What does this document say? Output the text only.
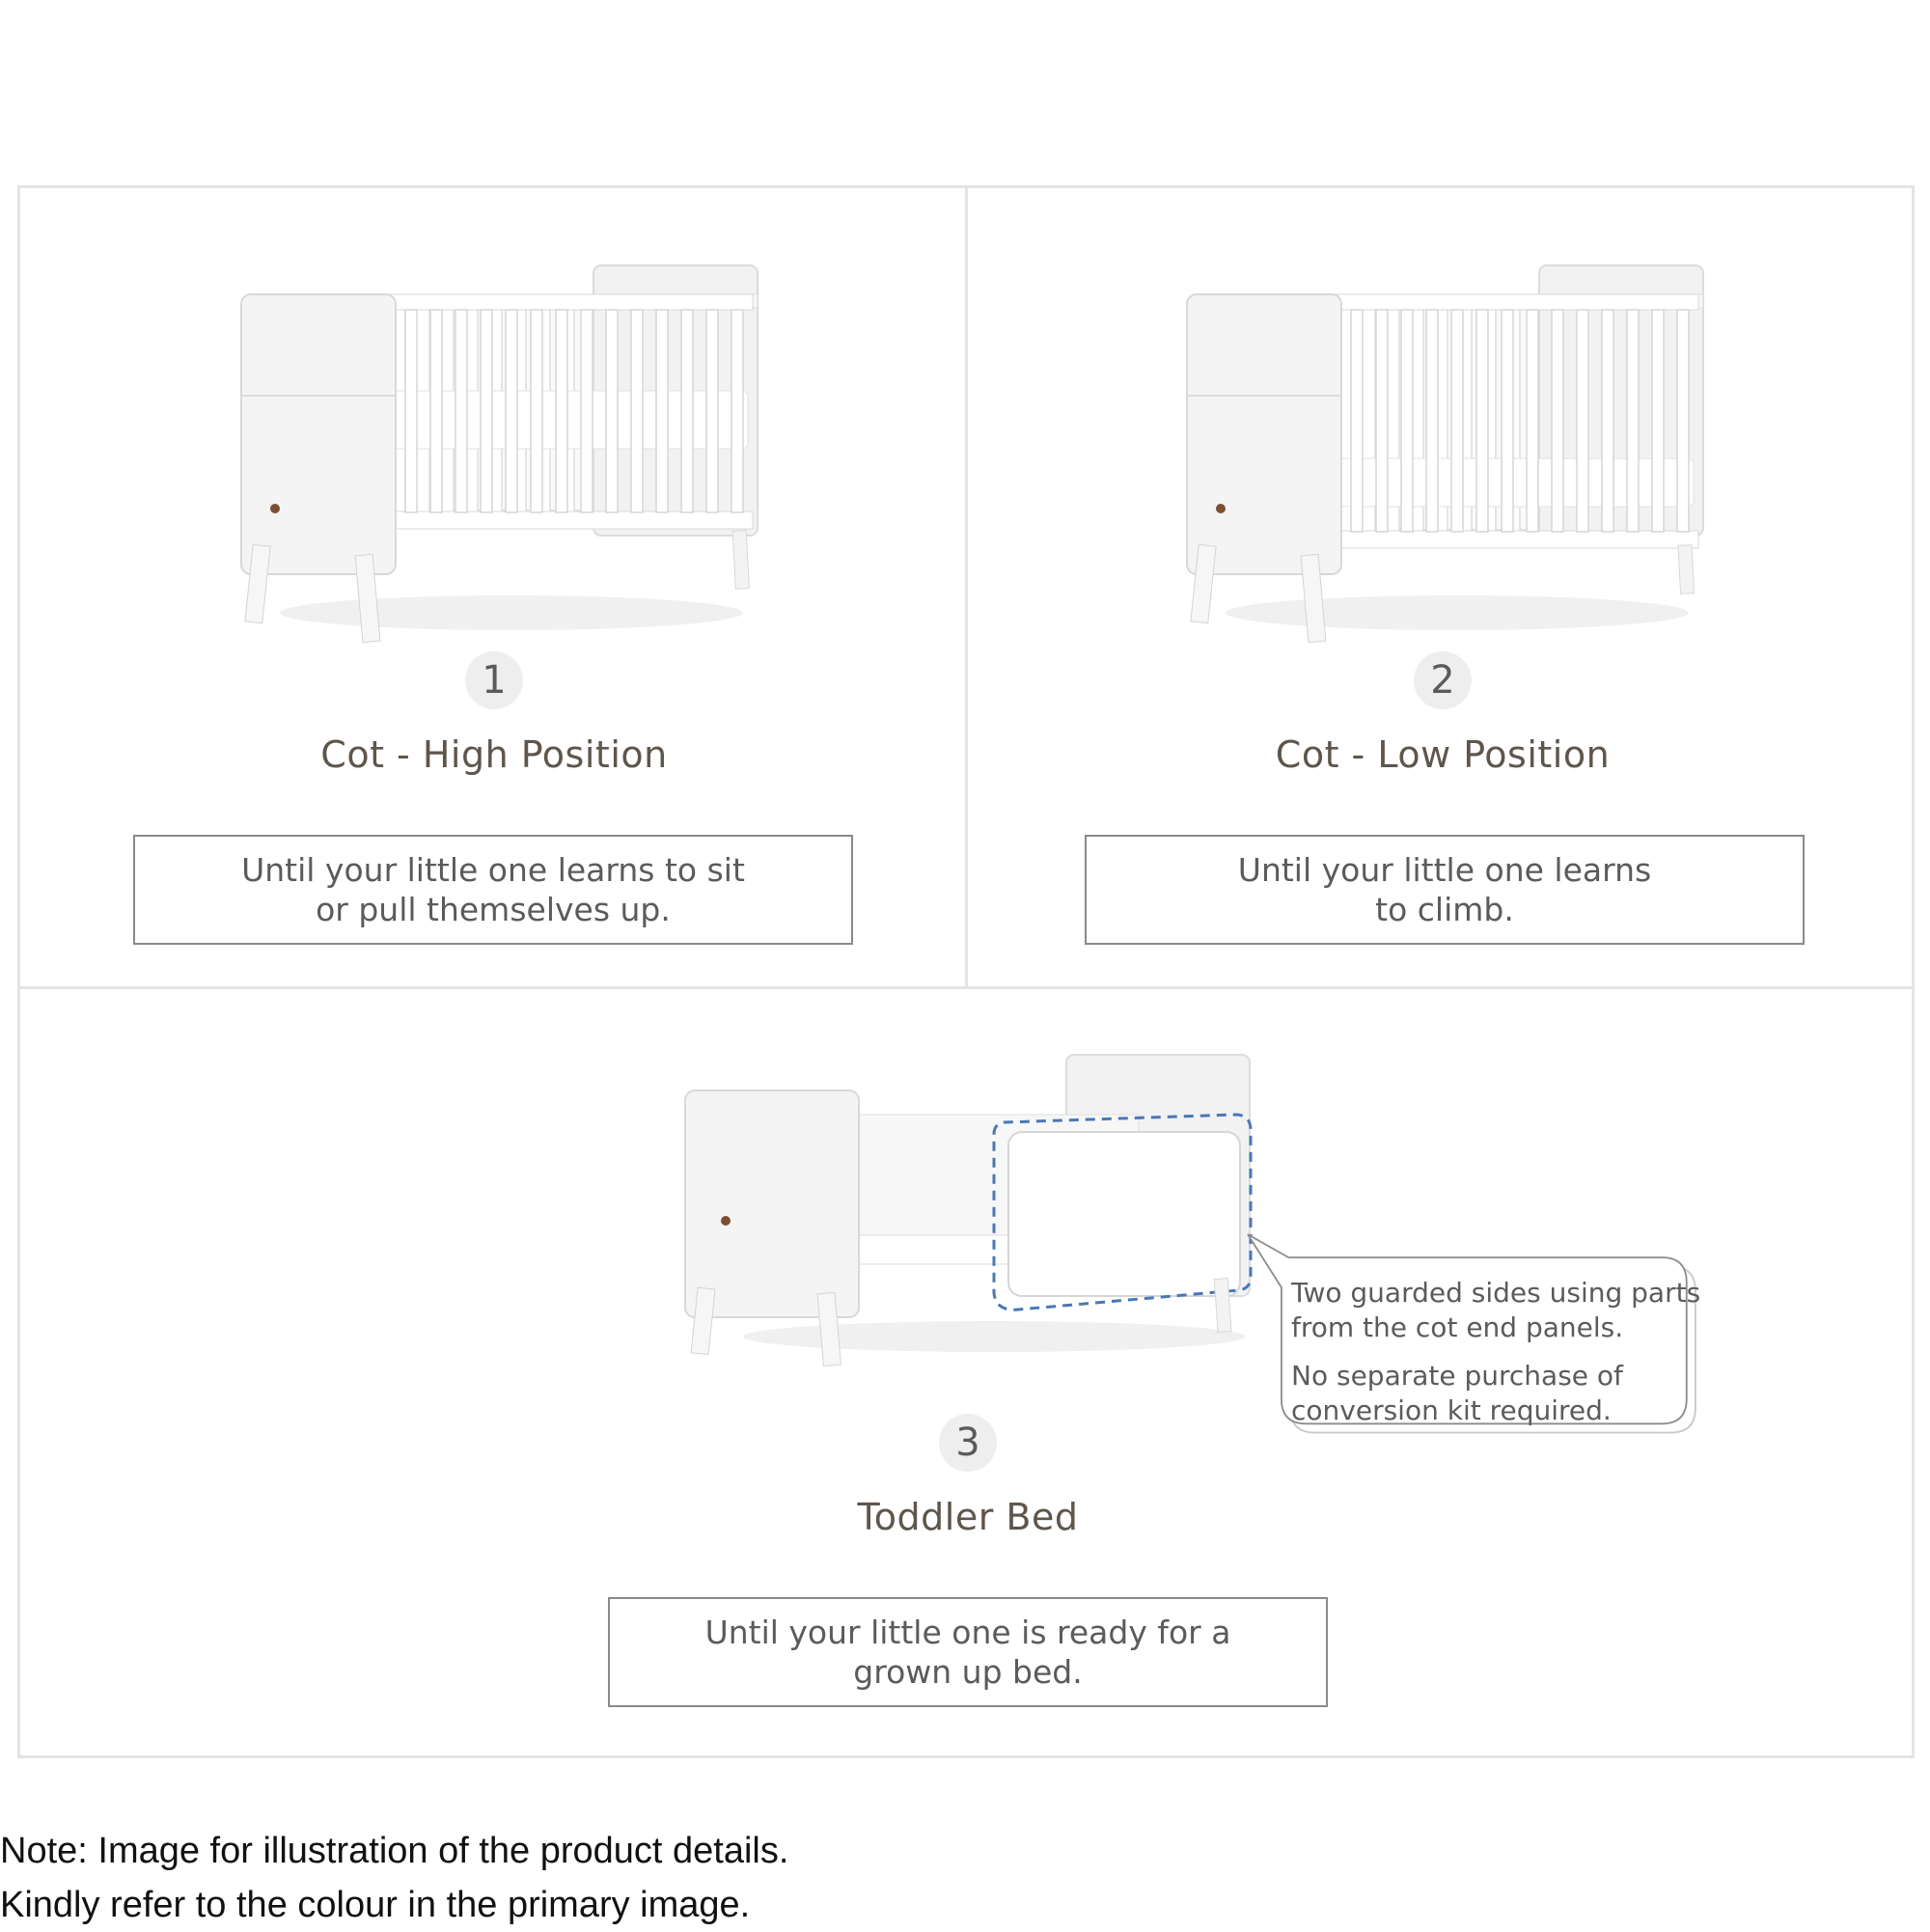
1
Cot - High Position
Until your little one learns to sit
or pull themselves up.
2
Cot - Low Position
Until your little one learns
to climb.
3
Toddler Bed
Until your little one is ready for a
grown up bed.

Two guarded sides using parts from the cot end panels.

No separate purchase of conversion kit required.

Note: Image for illustration of the product details.
Kindly refer to the colour in the primary image.
